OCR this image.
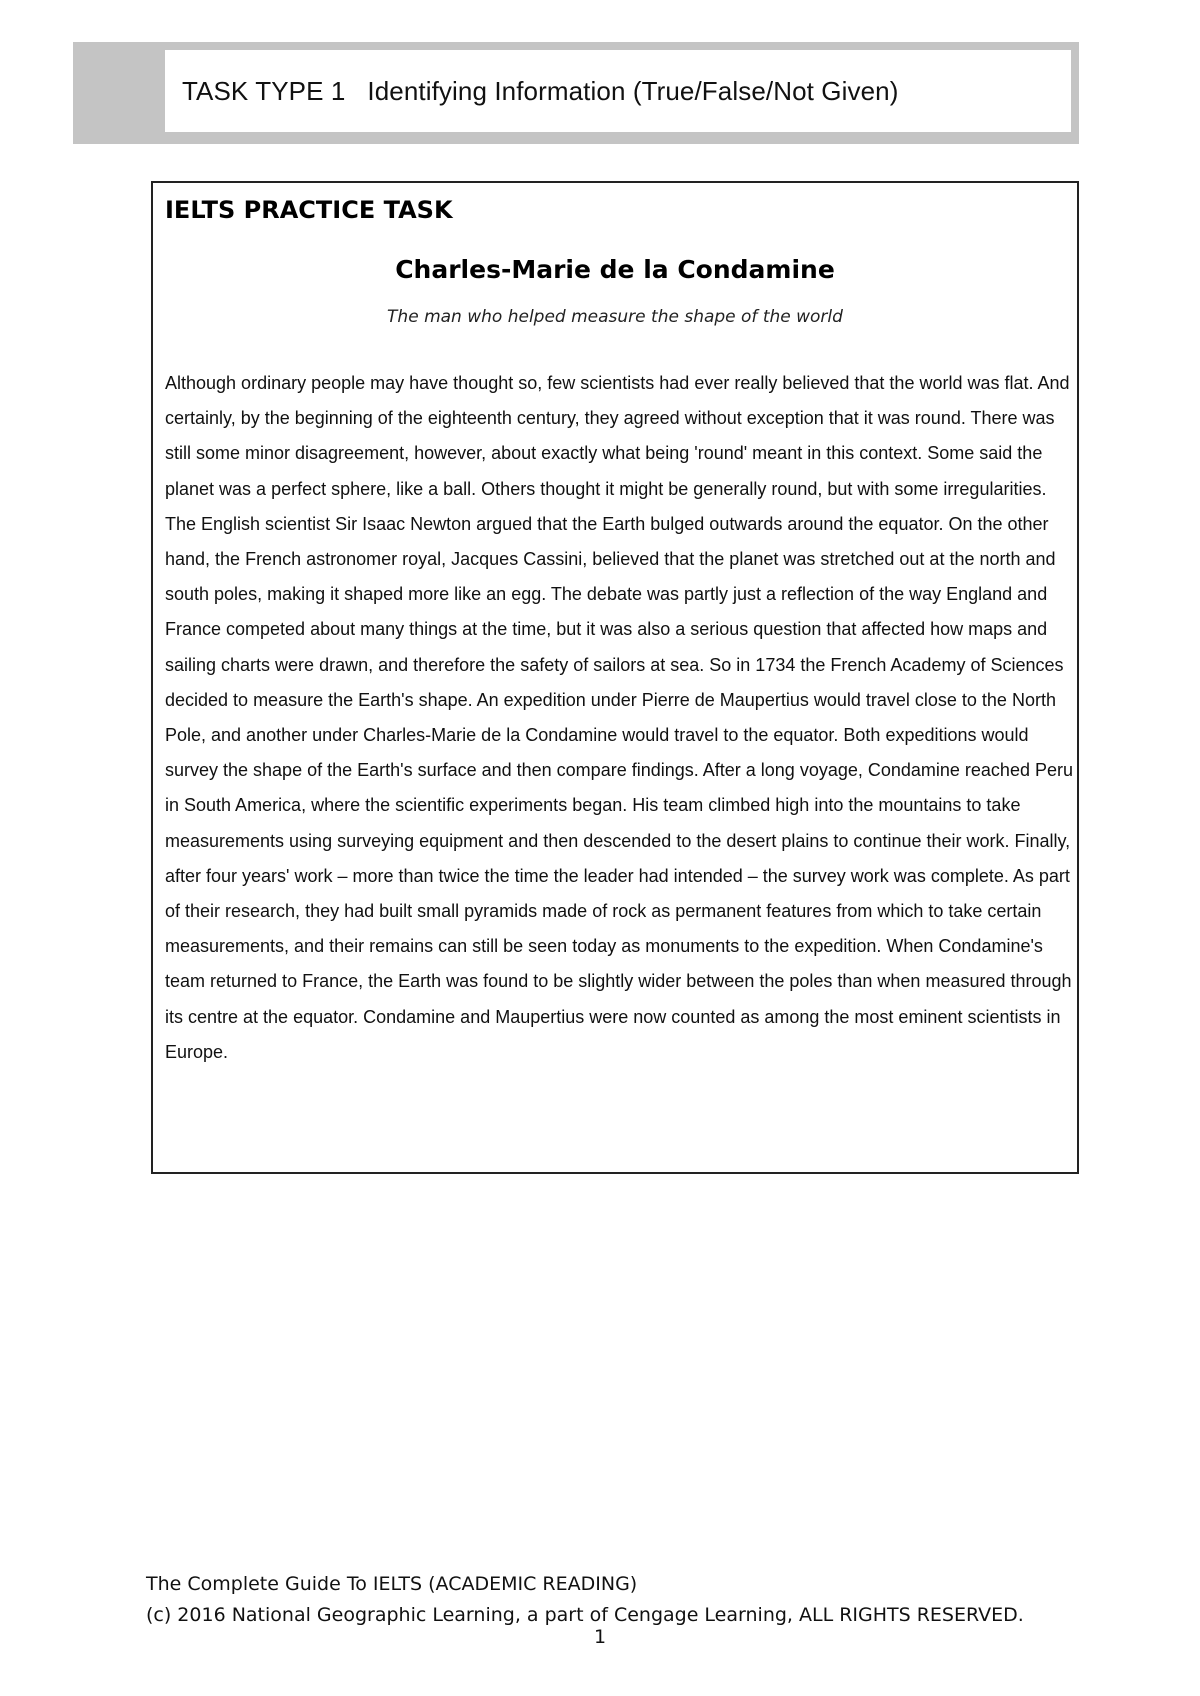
TASK TYPE 1   Identifying Information (True/False/Not Given)
IELTS PRACTICE TASK
Charles-Marie de la Condamine
The man who helped measure the shape of the world

Although ordinary people may have thought so, few scientists had ever really believed that the world was flat. And certainly, by the beginning of the eighteenth century, they agreed without exception that it was round. There was still some minor disagreement, however, about exactly what being 'round' meant in this context. Some said the planet was a perfect sphere, like a ball. Others thought it might be generally round, but with some irregularities. The English scientist Sir Isaac Newton argued that the Earth bulged outwards around the equator. On the other hand, the French astronomer royal, Jacques Cassini, believed that the planet was stretched out at the north and south poles, making it shaped more like an egg. The debate was partly just a reflection of the way England and France competed about many things at the time, but it was also a serious question that affected how maps and sailing charts were drawn, and therefore the safety of sailors at sea. So in 1734 the French Academy of Sciences decided to measure the Earth's shape. An expedition under Pierre de Maupertius would travel close to the North Pole, and another under Charles-Marie de la Condamine would travel to the equator. Both expeditions would survey the shape of the Earth's surface and then compare findings. After a long voyage, Condamine reached Peru in South America, where the scientific experiments began. His team climbed high into the mountains to take measurements using surveying equipment and then descended to the desert plains to continue their work. Finally, after four years' work – more than twice the time the leader had intended – the survey work was complete. As part of their research, they had built small pyramids made of rock as permanent features from which to take certain measurements, and their remains can still be seen today as monuments to the expedition. When Condamine's team returned to France, the Earth was found to be slightly wider between the poles than when measured through its centre at the equator. Condamine and Maupertius were now counted as among the most eminent scientists in Europe.

The Complete Guide To IELTS (ACADEMIC READING)
(c) 2016 National Geographic Learning, a part of Cengage Learning, ALL RIGHTS RESERVED.
1
